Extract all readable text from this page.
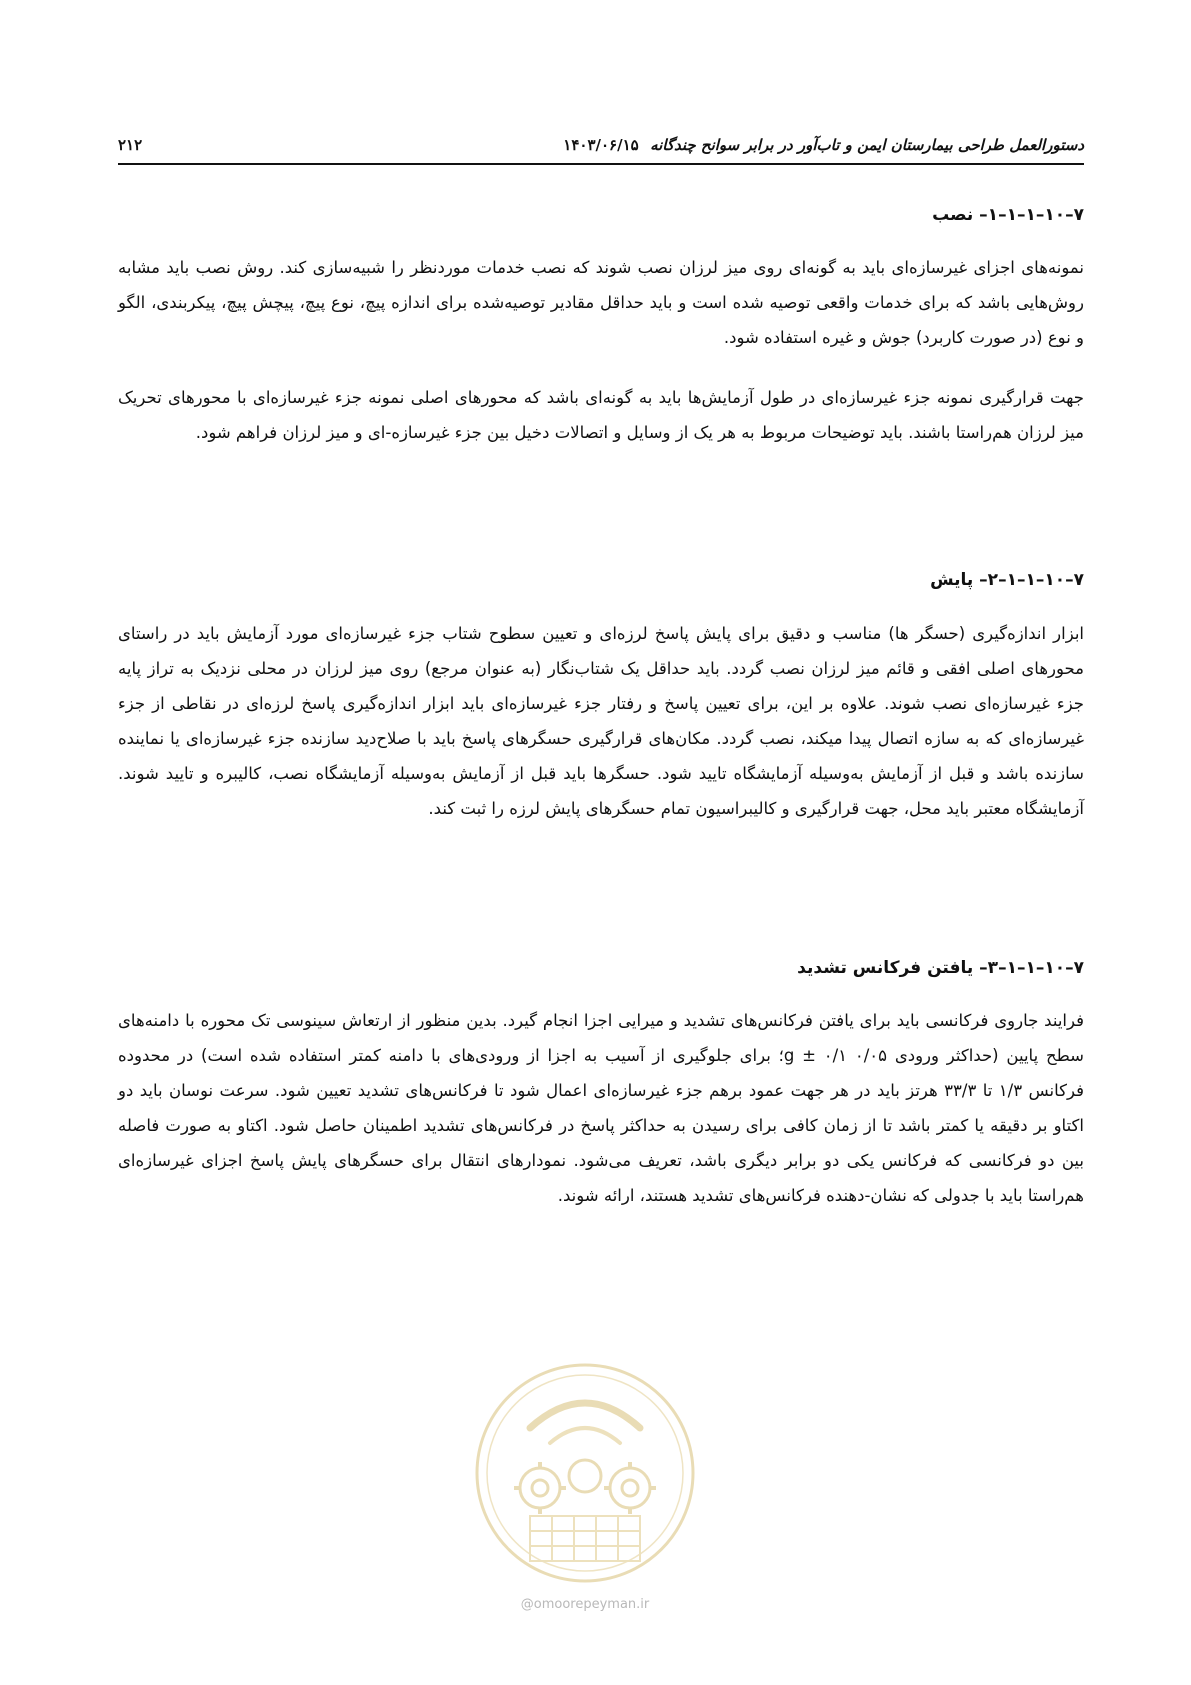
دستورالعمل طراحی بیمارستان ایمن و تاب‌آور در برابر سوانح چندگانه
۱۴۰۳/۰۶/۱۵
۲۱۲
۷–۱۰–۱–۱–۱– نصب
نمونه‌های اجزای غیرسازه‌ای باید به گونه‌ای روی میز لرزان نصب شوند که نصب خدمات موردنظر را شبیه‌سازی کند. روش نصب باید مشابه روش‌هایی باشد که برای خدمات واقعی توصیه شده است و باید حداقل مقادیر توصیه‌شده برای اندازه پیچ، نوع پیچ، پیچش پیچ، پیکربندی، الگو و نوع (در صورت کاربرد) جوش و غیره استفاده شود.
جهت قرارگیری نمونه جزء غیرسازه‌ای در طول آزمایش‌ها باید به گونه‌ای باشد که محورهای اصلی نمونه جزء غیرسازه‌ای با محورهای تحریک میز لرزان هم‌راستا باشند. باید توضیحات مربوط به هر یک از وسایل و اتصالات دخیل بین جزء غیرسازه-ای و میز لرزان فراهم شود.
۷–۱۰–۱–۱–۲– پایش
ابزار اندازه‌گیری (حسگر ها) مناسب و دقیق برای پایش پاسخ لرزه‌ای و تعیین سطوح شتاب جزء غیرسازه‌ای مورد آزمایش باید در راستای محورهای اصلی افقی و قائم میز لرزان نصب گردد. باید حداقل یک شتاب‌نگار (به عنوان مرجع) روی میز لرزان در محلی نزدیک به تراز پایه جزء غیرسازه‌ای نصب شوند. علاوه بر این، برای تعیین پاسخ و رفتار جزء غیرسازه‌ای باید ابزار اندازه‌گیری پاسخ لرزه‌ای در نقاطی از جزء غیرسازه‌ای که به سازه اتصال پیدا میکند، نصب گردد. مکان‌های قرارگیری حسگرهای پاسخ باید با صلاح‌دید سازنده جزء غیرسازه‌ای یا نماینده سازنده باشد و قبل از آزمایش به‌وسیله آزمایشگاه تایید شود. حسگرها باید قبل از آزمایش به‌وسیله آزمایشگاه نصب، کالیبره و تایید شوند. آزمایشگاه معتبر باید محل، جهت قرارگیری و کالیبراسیون تمام حسگرهای پایش لرزه را ثبت کند.
۷–۱۰–۱–۱–۳– یافتن فرکانس تشدید
فرایند جاروی فرکانسی باید برای یافتن فرکانس‌های تشدید و میرایی اجزا انجام گیرد. بدین منظور از ارتعاش سینوسی تک محوره با دامنه‌های سطح پایین (حداکثر ورودی ۰/۰۵ g ± ۰/۱؛ برای جلوگیری از آسیب به اجزا از ورودی‌های با دامنه کمتر استفاده شده است) در محدوده فرکانس ۱/۳ تا ۳۳/۳ هرتز باید در هر جهت عمود برهم جزء غیرسازه‌ای اعمال شود تا فرکانس‌های تشدید تعیین شود. سرعت نوسان باید دو اکتاو بر دقیقه یا کمتر باشد تا از زمان کافی برای رسیدن به حداکثر پاسخ در فرکانس‌های تشدید اطمینان حاصل شود. اکتاو به صورت فاصله بین دو فرکانسی که فرکانس یکی دو برابر دیگری باشد، تعریف می‌شود. نمودارهای انتقال برای حسگرهای پایش پاسخ اجزای غیرسازه‌ای هم‌راستا باید با جدولی که نشان-دهنده فرکانس‌های تشدید هستند، ارائه شوند.
@omoorepeyman.ir
